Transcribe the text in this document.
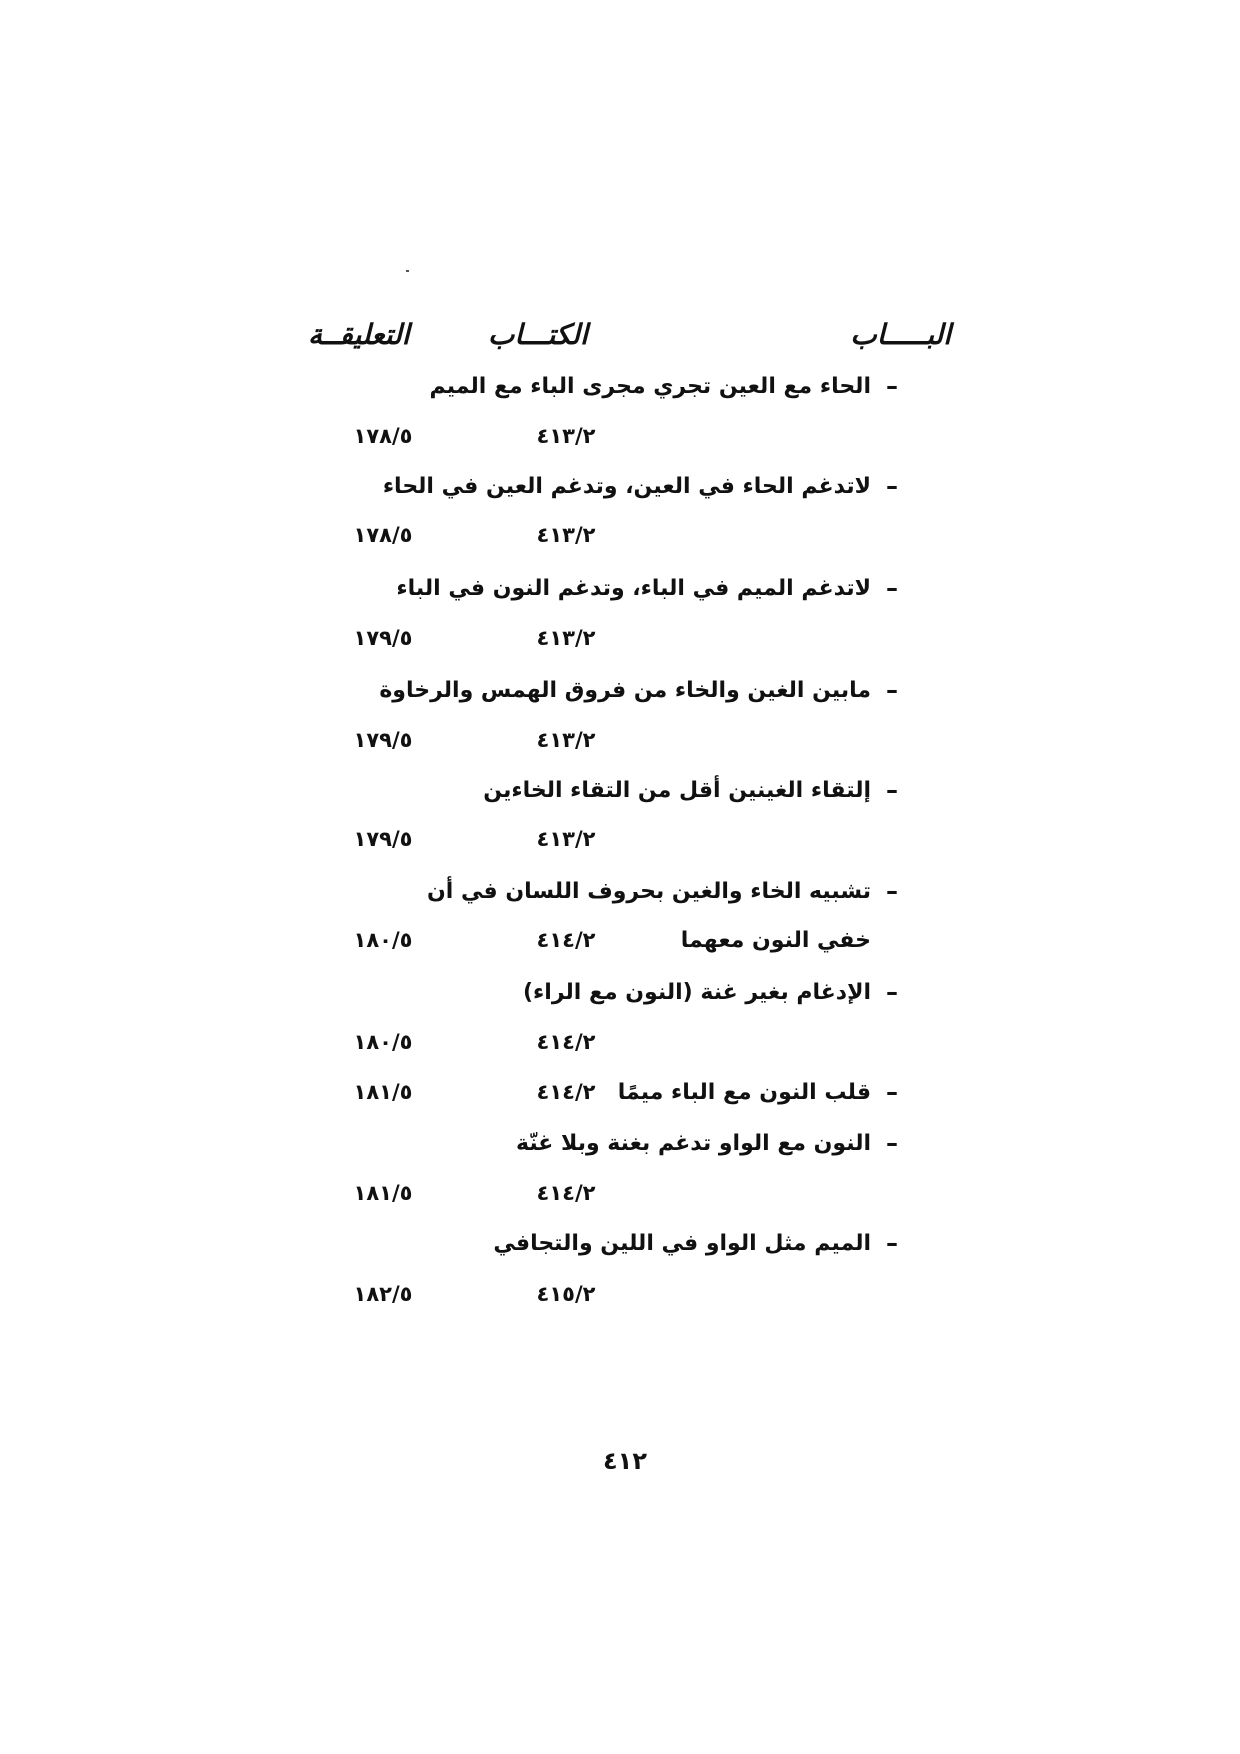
البـــــاب
الكتـــاب
التعليقــة
–
الحاء مع العين تجري مجرى الباء مع الميم
٤١٣/٢
١٧٨/٥
–
لاتدغم الحاء في العين، وتدغم العين في الحاء
٤١٣/٢
١٧٨/٥
–
لاتدغم الميم في الباء، وتدغم النون في الباء
٤١٣/٢
١٧٩/٥
–
مابين الغين والخاء من فروق الهمس والرخاوة
٤١٣/٢
١٧٩/٥
–
إلتقاء الغينين أقل من التقاء الخاءين
٤١٣/٢
١٧٩/٥
–
تشبيه الخاء والغين بحروف اللسان في أن
خفي النون معهما
٤١٤/٢
١٨٠/٥
–
الإدغام بغير غنة (النون مع الراء)
٤١٤/٢
١٨٠/٥
–
قلب النون مع الباء ميمًا
٤١٤/٢
١٨١/٥
–
النون مع الواو تدغم بغنة وبلا غنّة
٤١٤/٢
١٨١/٥
–
الميم مثل الواو في اللين والتجافي
٤١٥/٢
١٨٢/٥
٤١٢
